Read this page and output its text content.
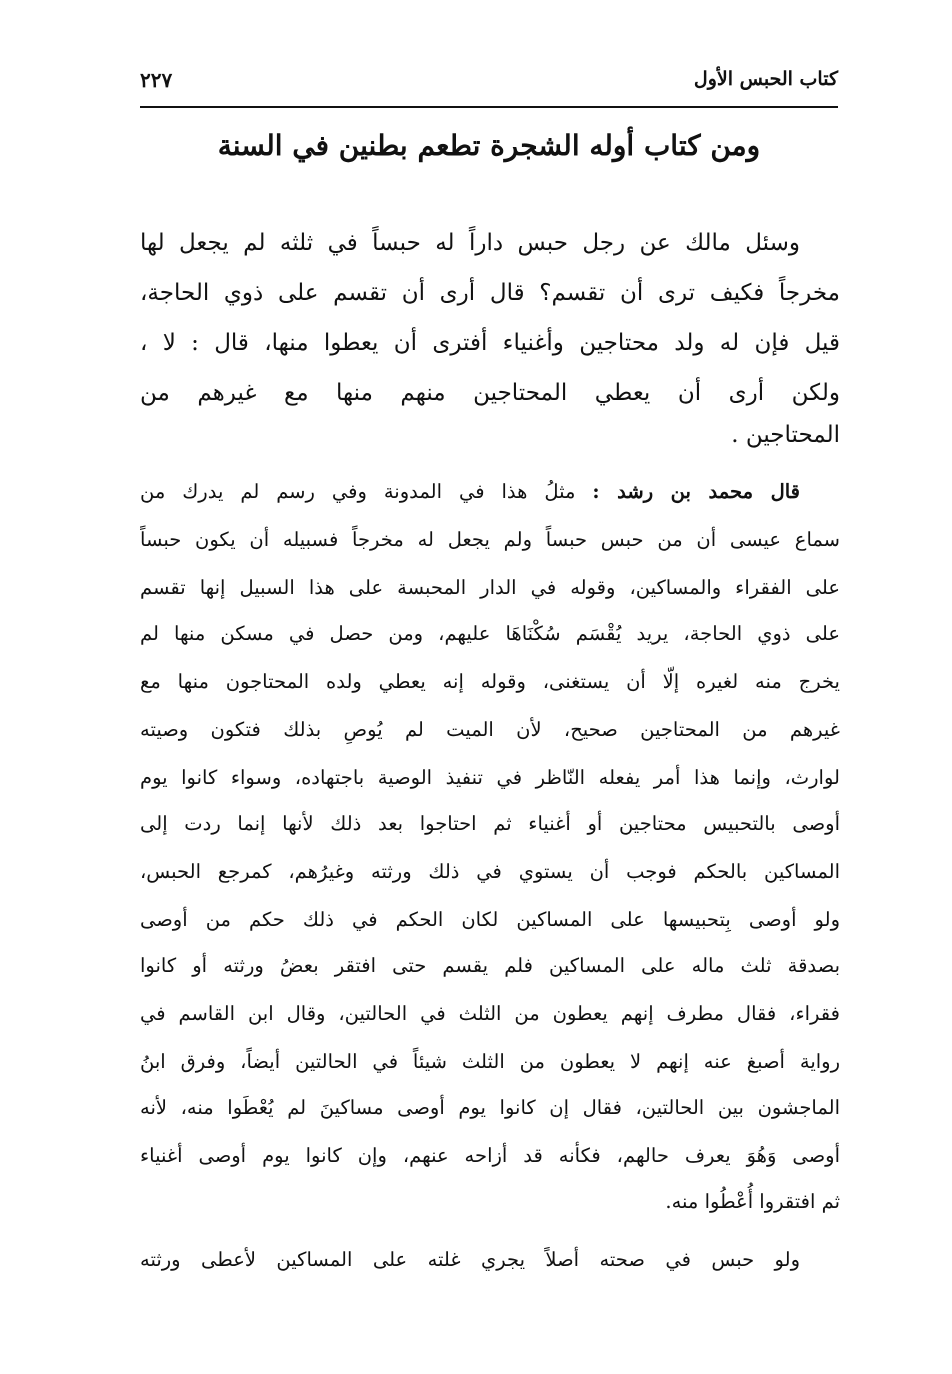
كتاب الحبس الأول
٢٢٧
ومن كتاب أوله الشجرة تطعم بطنين في السنة
وسئل مالك عن رجل حبس داراً له حبساً في ثلثه لم يجعل لها
مخرجاً فكيف ترى أن تقسم؟ قال أرى أن تقسم على ذوي الحاجة،
قيل فإن له ولد محتاجين وأغنياء أفترى أن يعطوا منها، قال : لا ،
ولكن أرى أن يعطي المحتاجين منهم منها مع غيرهم من
المحتاجين .
قال محمد بن رشد : مثلُ هذا في المدونة وفي رسم لم يدرك من
سماع عيسى أن من حبس حبساً ولم يجعل له مخرجاً فسبيله أن يكون حبساً
على الفقراء والمساكين، وقوله في الدار المحبسة على هذا السبيل إنها تقسم
على ذوي الحاجة، يريد يُقْسَم سُكْنَاهَا عليهم، ومن حصل في مسكن منها لم
يخرج منه لغيره إلّا أن يستغنى، وقوله إنه يعطي ولده المحتاجون منها مع
غيرهم من المحتاجين صحيح، لأن الميت لم يُوصِ بذلك فتكون وصيته
لوارث، وإنما هذا أمر يفعله النّاظر في تنفيذ الوصية باجتهاده، وسواء كانوا يوم
أوصى بالتحبيس محتاجين أو أغنياء ثم احتاجوا بعد ذلك لأنها إنما ردت إلى
المساكين بالحكم فوجب أن يستوي في ذلك ورثته وغيرُهم، كمرجع الحبس،
ولو أوصى بِتحبيسها على المساكين لكان الحكم في ذلك حكم من أوصى
بصدقة ثلث ماله على المساكين فلم يقسم حتى افتقر بعضُ ورثته أو كانوا
فقراء، فقال مطرف إنهم يعطون من الثلث في الحالتين، وقال ابن القاسم في
رواية أصبغ عنه إنهم لا يعطون من الثلث شيئاً في الحالتين أيضاً، وفرق ابنُ
الماجشون بين الحالتين، فقال إن كانوا يوم أوصى مساكينَ لم يُعْطَوا منه، لأنه
أوصى وَهُوَ يعرف حالهم، فكأنه قد أزاحه عنهم، وإن كانوا يوم أوصى أغنياء
ثم افتقروا أُعْطُوا منه.
ولو حبس في صحته أصلاً يجري غلته على المساكين لأعطى ورثته
